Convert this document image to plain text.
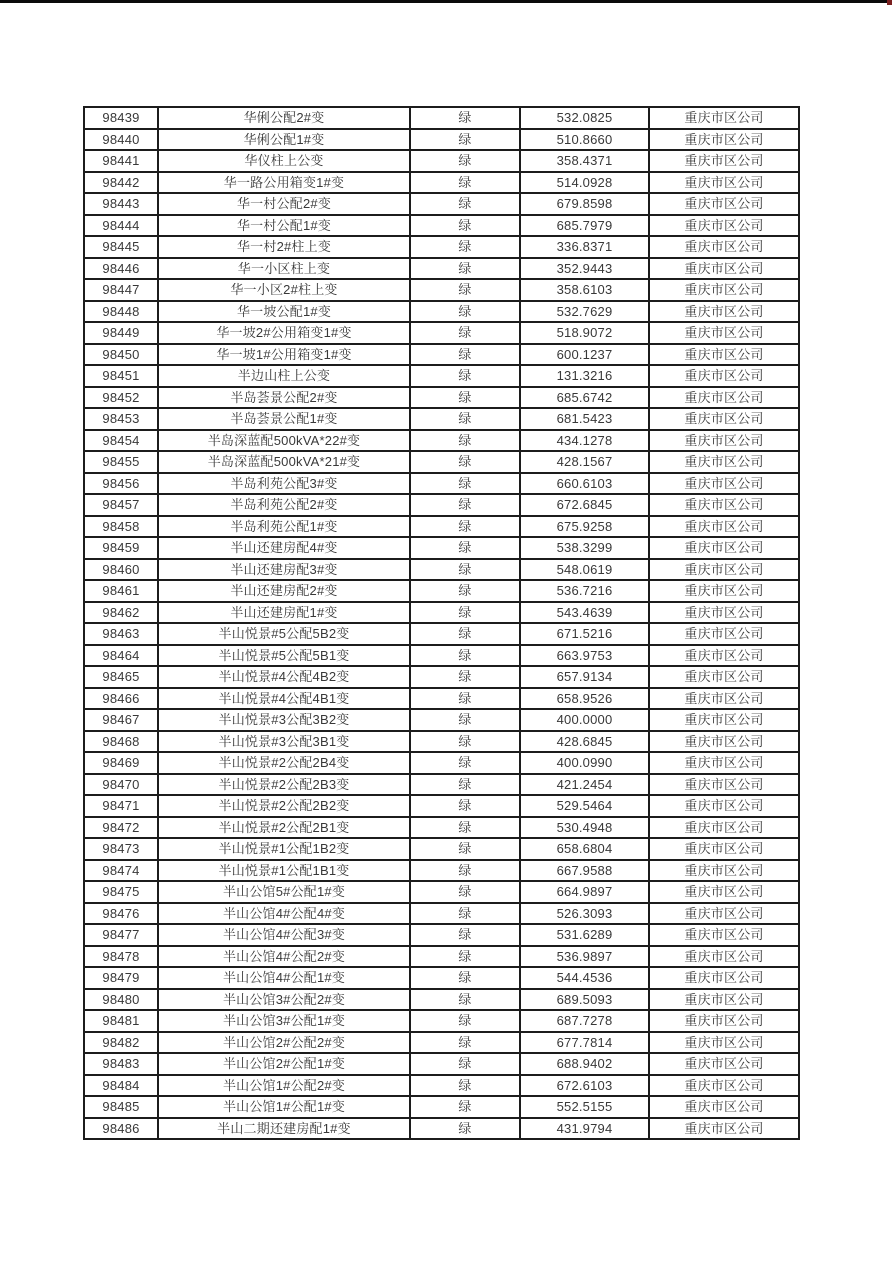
98439	华俐公配2#变	绿	532.0825	重庆市区公司
98440	华俐公配1#变	绿	510.8660	重庆市区公司
98441	华仪柱上公变	绿	358.4371	重庆市区公司
98442	华一路公用箱变1#变	绿	514.0928	重庆市区公司
98443	华一村公配2#变	绿	679.8598	重庆市区公司
98444	华一村公配1#变	绿	685.7979	重庆市区公司
98445	华一村2#柱上变	绿	336.8371	重庆市区公司
98446	华一小区柱上变	绿	352.9443	重庆市区公司
98447	华一小区2#柱上变	绿	358.6103	重庆市区公司
98448	华一坡公配1#变	绿	532.7629	重庆市区公司
98449	华一坡2#公用箱变1#变	绿	518.9072	重庆市区公司
98450	华一坡1#公用箱变1#变	绿	600.1237	重庆市区公司
98451	半边山柱上公变	绿	131.3216	重庆市区公司
98452	半岛荟景公配2#变	绿	685.6742	重庆市区公司
98453	半岛荟景公配1#变	绿	681.5423	重庆市区公司
98454	半岛深蓝配500kVA*22#变	绿	434.1278	重庆市区公司
98455	半岛深蓝配500kVA*21#变	绿	428.1567	重庆市区公司
98456	半岛利苑公配3#变	绿	660.6103	重庆市区公司
98457	半岛利苑公配2#变	绿	672.6845	重庆市区公司
98458	半岛利苑公配1#变	绿	675.9258	重庆市区公司
98459	半山还建房配4#变	绿	538.3299	重庆市区公司
98460	半山还建房配3#变	绿	548.0619	重庆市区公司
98461	半山还建房配2#变	绿	536.7216	重庆市区公司
98462	半山还建房配1#变	绿	543.4639	重庆市区公司
98463	半山悦景#5公配5B2变	绿	671.5216	重庆市区公司
98464	半山悦景#5公配5B1变	绿	663.9753	重庆市区公司
98465	半山悦景#4公配4B2变	绿	657.9134	重庆市区公司
98466	半山悦景#4公配4B1变	绿	658.9526	重庆市区公司
98467	半山悦景#3公配3B2变	绿	400.0000	重庆市区公司
98468	半山悦景#3公配3B1变	绿	428.6845	重庆市区公司
98469	半山悦景#2公配2B4变	绿	400.0990	重庆市区公司
98470	半山悦景#2公配2B3变	绿	421.2454	重庆市区公司
98471	半山悦景#2公配2B2变	绿	529.5464	重庆市区公司
98472	半山悦景#2公配2B1变	绿	530.4948	重庆市区公司
98473	半山悦景#1公配1B2变	绿	658.6804	重庆市区公司
98474	半山悦景#1公配1B1变	绿	667.9588	重庆市区公司
98475	半山公馆5#公配1#变	绿	664.9897	重庆市区公司
98476	半山公馆4#公配4#变	绿	526.3093	重庆市区公司
98477	半山公馆4#公配3#变	绿	531.6289	重庆市区公司
98478	半山公馆4#公配2#变	绿	536.9897	重庆市区公司
98479	半山公馆4#公配1#变	绿	544.4536	重庆市区公司
98480	半山公馆3#公配2#变	绿	689.5093	重庆市区公司
98481	半山公馆3#公配1#变	绿	687.7278	重庆市区公司
98482	半山公馆2#公配2#变	绿	677.7814	重庆市区公司
98483	半山公馆2#公配1#变	绿	688.9402	重庆市区公司
98484	半山公馆1#公配2#变	绿	672.6103	重庆市区公司
98485	半山公馆1#公配1#变	绿	552.5155	重庆市区公司
98486	半山二期还建房配1#变	绿	431.9794	重庆市区公司
